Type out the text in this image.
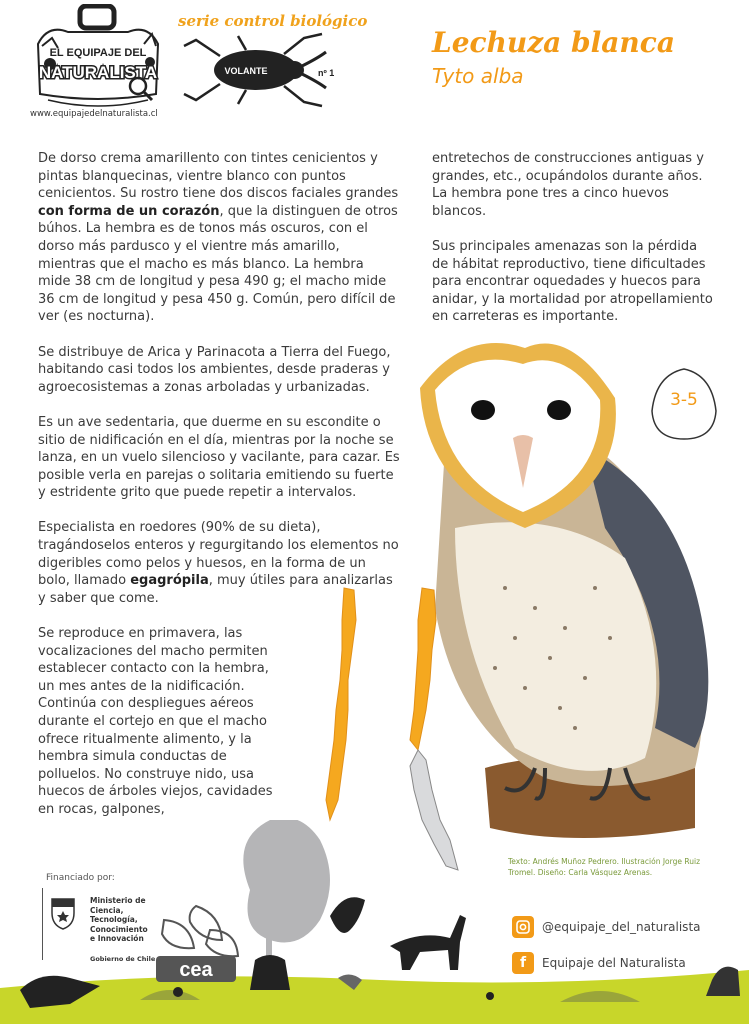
EL EQUIPAJE DEL
NATURALISTA
www.equipajedelnaturalista.cl
serie control biológico
VOLANTE	nº 1
Lechuza blanca
Tyto alba

De dorso crema amarillento con tintes cenicientos y pintas blanquecinas, vientre blanco con puntos cenicientos. Su rostro tiene dos discos faciales grandes con forma de un corazón, que la distinguen de otros búhos. La hembra es de tonos más oscuros, con el dorso más pardusco y el vientre más amarillo, mientras que el macho es más blanco. La hembra mide 38 cm de longitud y pesa 490 g; el macho mide 36 cm de longitud y pesa 450 g. Común, pero difícil de ver (es nocturna).

Se distribuye de Arica y Parinacota a Tierra del Fuego, habitando casi todos los ambientes, desde praderas y agroecosistemas a zonas arboladas y urbanizadas.

Es un ave sedentaria, que duerme en su escondite o sitio de nidificación en el día, mientras por la noche se lanza, en un vuelo silencioso y vacilante, para cazar. Es posible verla en parejas o solitaria emitiendo su fuerte y estridente grito que puede repetir a intervalos.

Especialista en roedores (90% de su dieta), tragándoselos enteros y regurgitando los elementos no digeribles como pelos y huesos, en la forma de un bolo, llamado egagrópila, muy útiles para analizarlas y saber que come.

Se reproduce en primavera, las vocalizaciones del macho permiten establecer contacto con la hembra, un mes antes de la nidificación. Continúa con despliegues aéreos durante el cortejo en que el macho ofrece ritualmente alimento, y la hembra simula conductas de polluelos. No construye nido, usa huecos de árboles viejos, cavidades en rocas, galpones,

entretechos de construcciones antiguas y grandes, etc., ocupándolos durante años. La hembra pone tres a cinco huevos blancos.

Sus principales amenazas son la pérdida de hábitat reproductivo, tiene dificultades para encontrar oquedades y huecos para anidar, y la mortalidad por atropellamiento en carreteras es importante.

3-5
Texto: Andrés Muñoz Pedrero. Ilustración Jorge Ruiz Tromel. Diseño: Carla Vásquez Arenas.
Financiado por:
Ministerio de
Ciencia,
Tecnología,
Conocimiento
e Innovación
Gobierno de Chile cea
@equipaje_del_naturalista
f	Equipaje del Naturalista
